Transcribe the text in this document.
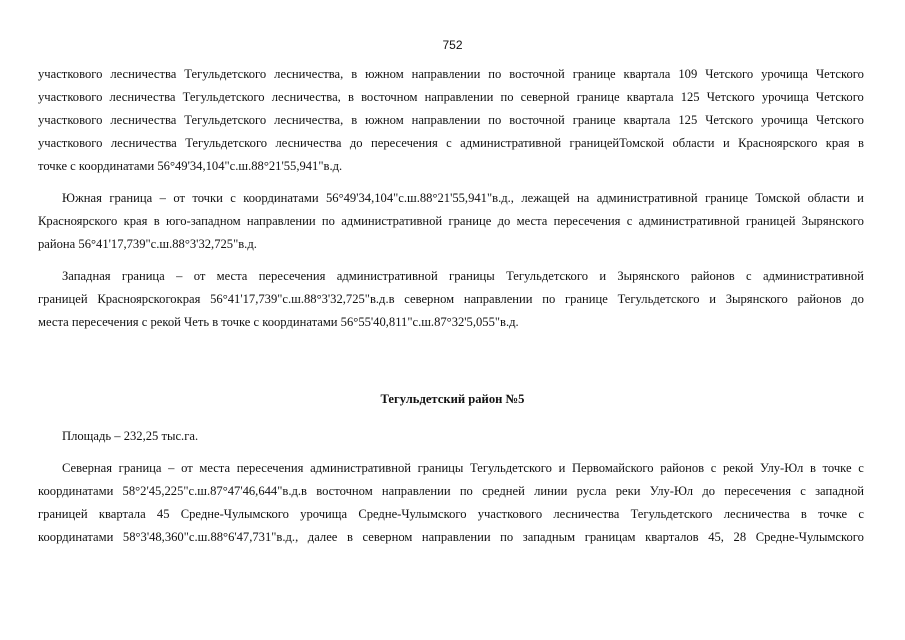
752
участкового лесничества Тегульдетского лесничества, в южном направлении по восточной границе квартала 109 Четского урочища Четского
участкового лесничества Тегульдетского лесничества, в восточном направлении по северной границе квартала 125 Четского урочища Четского
участкового лесничества Тегульдетского лесничества, в южном направлении по восточной границе квартала 125 Четского урочища Четского
участкового лесничества Тегульдетского лесничества до пересечения с административной границейТомской области и Красноярского края в
точке с координатами 56°49'34,104"с.ш.88°21'55,941"в.д.
Южная граница – от точки с координатами 56°49'34,104"с.ш.88°21'55,941"в.д., лежащей на административной границе Томской области и
Красноярского края в юго-западном направлении по административной границе до места пересечения с административной границей Зырянского
района 56°41'17,739"с.ш.88°3'32,725"в.д.
Западная граница – от места пересечения административной границы Тегульдетского и Зырянского районов с административной
границей Красноярскогокрая 56°41'17,739"с.ш.88°3'32,725"в.д.в северном направлении по границе Тегульдетского и Зырянского районов до
места пересечения с рекой Четь в точке с координатами 56°55'40,811"с.ш.87°32'5,055"в.д.
Тегульдетский район №5
Площадь – 232,25 тыс.га.
Северная граница – от места пересечения административной границы Тегульдетского и Первомайского районов с рекой Улу-Юл в точке с
координатами 58°2'45,225"с.ш.87°47'46,644"в.д.в восточном направлении по средней линии русла реки Улу-Юл до пересечения с западной
границей квартала 45 Средне-Чулымского урочища Средне-Чулымского участкового лесничества Тегульдетского лесничества в точке с
координатами 58°3'48,360"с.ш.88°6'47,731"в.д., далее в северном направлении по западным границам кварталов 45, 28 Средне-Чулымского
